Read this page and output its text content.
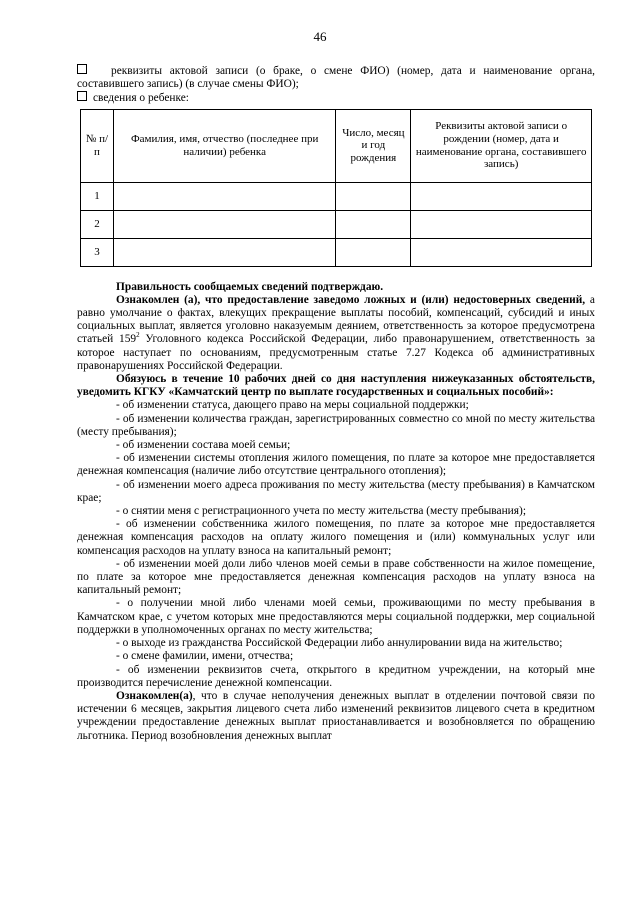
46

реквизиты актовой записи (о браке, о смене ФИО) (номер, дата и наименование органа, составившего запись) (в случае смены ФИО);

сведения о ребенке:

№ п/п	Фамилия, имя, отчество (последнее при наличии) ребенка	Число, месяц и год рождения	Реквизиты актовой записи о рождении (номер, дата и наименование органа, составившего запись)
1			
2			
3			

Правильность сообщаемых сведений подтверждаю.

Ознакомлен (а), что предоставление заведомо ложных и (или) недостоверных сведений, а равно умолчание о фактах, влекущих прекращение выплаты пособий, компенсаций, субсидий и иных социальных выплат, является уголовно наказуемым деянием, ответственность за которое предусмотрена статьей $159^2$ Уголовного кодекса Российской Федерации, либо правонарушением, ответственность за которое наступает по основаниям, предусмотренным статье 7.27 Кодекса об административных правонарушениях Российской Федерации.

Обязуюсь в течение 10 рабочих дней со дня наступления нижеуказанных обстоятельств, уведомить КГКУ «Камчатский центр по выплате государственных и социальных пособий»:

- об изменении статуса, дающего право на меры социальной поддержки;

- об изменении количества граждан, зарегистрированных совместно со мной по месту жительства (месту пребывания);

- об изменении состава моей семьи;

- об изменении системы отопления жилого помещения, по плате за которое мне предоставляется денежная компенсация (наличие либо отсутствие центрального отопления);

- об изменении моего адреса проживания по месту жительства (месту пребывания) в Камчатском крае;

- о снятии меня с регистрационного учета по месту жительства (месту пребывания);

- об изменении собственника жилого помещения, по плате за которое мне предоставляется денежная компенсация расходов на оплату жилого помещения и (или) коммунальных услуг или компенсация расходов на уплату взноса на капитальный ремонт;

- об изменении моей доли либо членов моей семьи в праве собственности на жилое помещение, по плате за которое мне предоставляется денежная компенсация расходов на уплату взноса на капитальный ремонт;

- о получении мной либо членами моей семьи, проживающими по месту пребывания в Камчатском крае, с учетом которых мне предоставляются меры социальной поддержки, мер социальной поддержки в уполномоченных органах по месту жительства;

- о выходе из гражданства Российской Федерации либо аннулировании вида на жительство;

- о смене фамилии, имени, отчества;

- об изменении реквизитов счета, открытого в кредитном учреждении, на который мне производится перечисление денежной компенсации.

Ознакомлен(а), что в случае неполучения денежных выплат в отделении почтовой связи по истечении 6 месяцев, закрытия лицевого счета либо изменений реквизитов лицевого счета в кредитном учреждении предоставление денежных выплат приостанавливается и возобновляется по обращению льготника. Период возобновления денежных выплат
